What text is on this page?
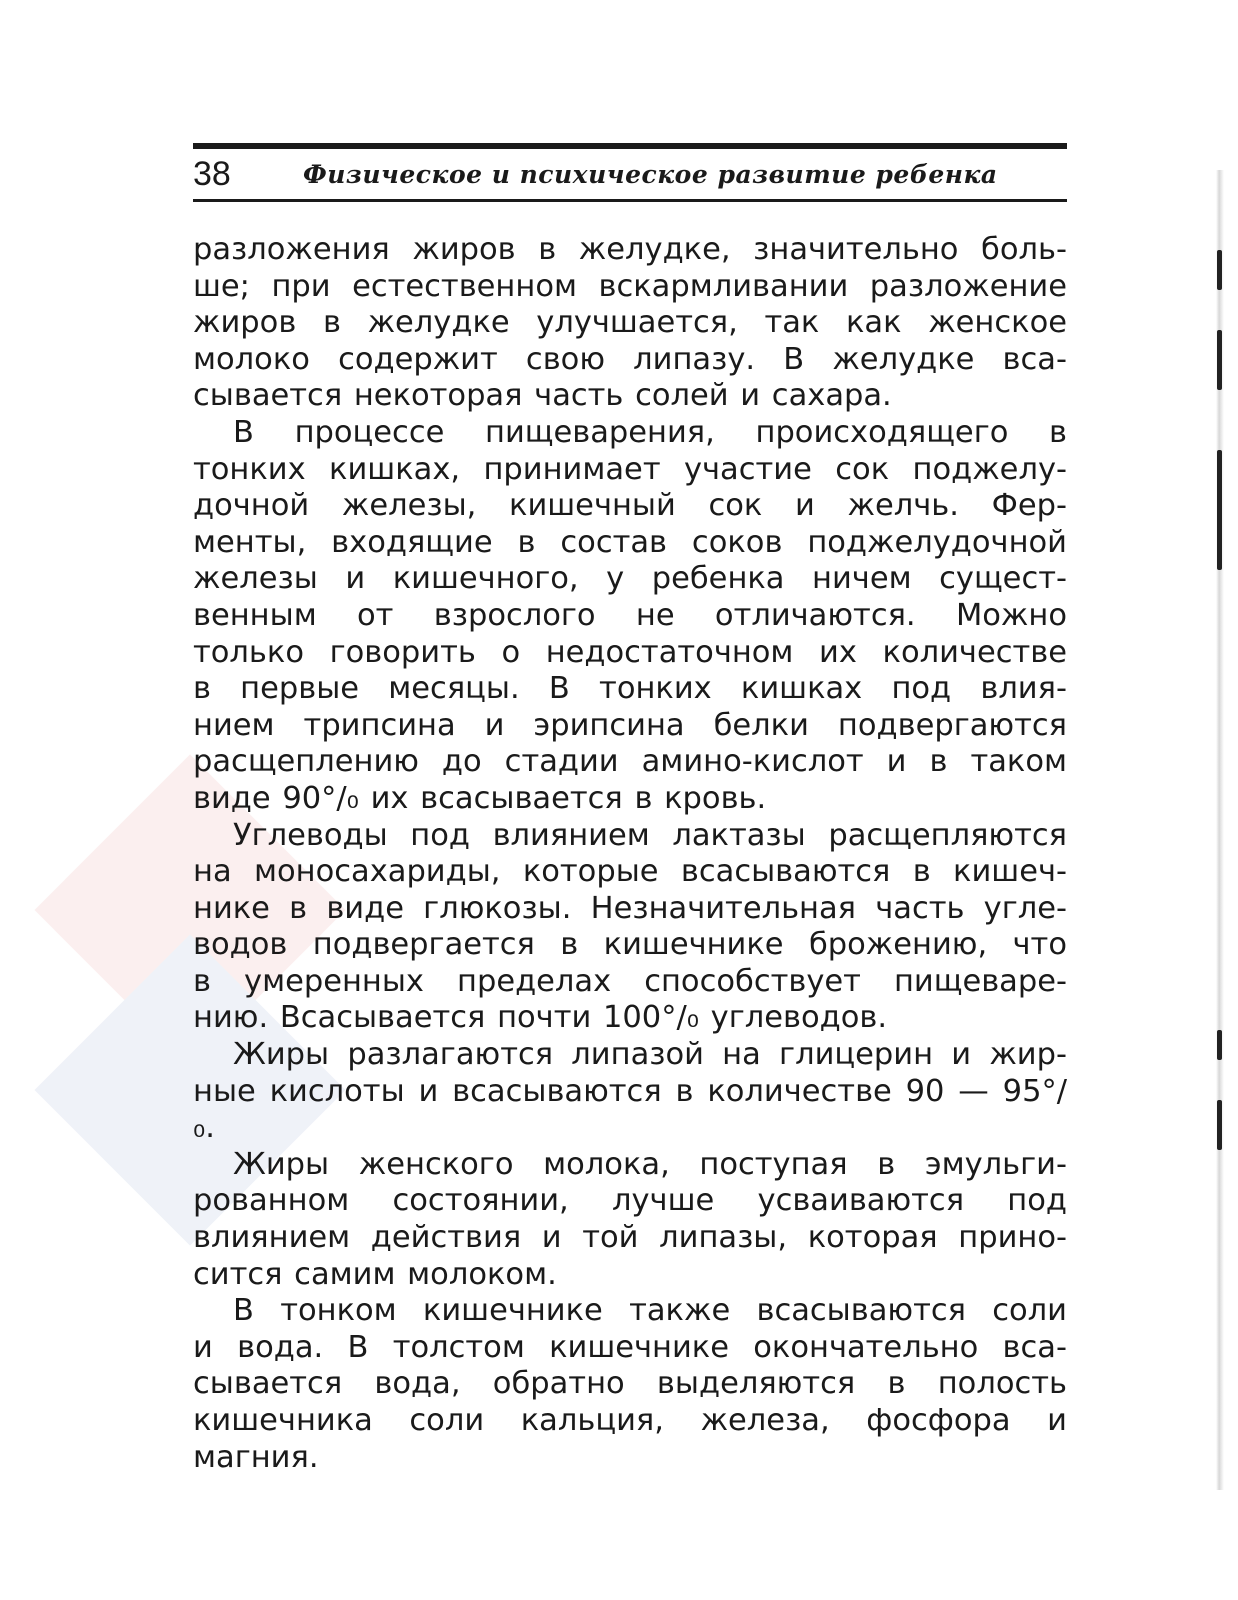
38	Физическое и психическое развитие ребенка

разложения жиров в желудке, значительно боль-

ше; при естественном вскармливании разложение

жиров в желудке улучшается, так как женское

молоко содержит свою липазу. В желудке вса-

сывается некоторая часть солей и сахара.

В процессе пищеварения, происходящего в

тонких кишках, принимает участие сок поджелу-

дочной железы, кишечный сок и желчь. Фер-

менты, входящие в состав соков поджелудочной

железы и кишечного, у ребенка ничем сущест-

венным от взрослого не отличаются. Можно

только говорить о недостаточном их количестве

в первые месяцы. В тонких кишках под влия-

нием трипсина и эрипсина белки подвергаются

расщеплению до стадии амино-кислот и в таком

виде 90°/₀ их всасывается в кровь.

Углеводы под влиянием лактазы расщепляются

на моносахариды, которые всасываются в кишеч-

нике в виде глюкозы. Незначительная часть угле-

водов подвергается в кишечнике брожению, что

в умеренных пределах способствует пищеваре-

нию. Всасывается почти 100°/₀ углеводов.

Жиры разлагаются липазой на глицерин и жир-

ные кислоты и всасываются в количестве 90 — 95°/₀.

Жиры женского молока, поступая в эмульги-

рованном состоянии, лучше усваиваются под

влиянием действия и той липазы, которая прино-

сится самим молоком.

В тонком кишечнике также всасываются соли

и вода. В толстом кишечнике окончательно вса-

сывается вода, обратно выделяются в полость

кишечника соли кальция, железа, фосфора и

магния.
